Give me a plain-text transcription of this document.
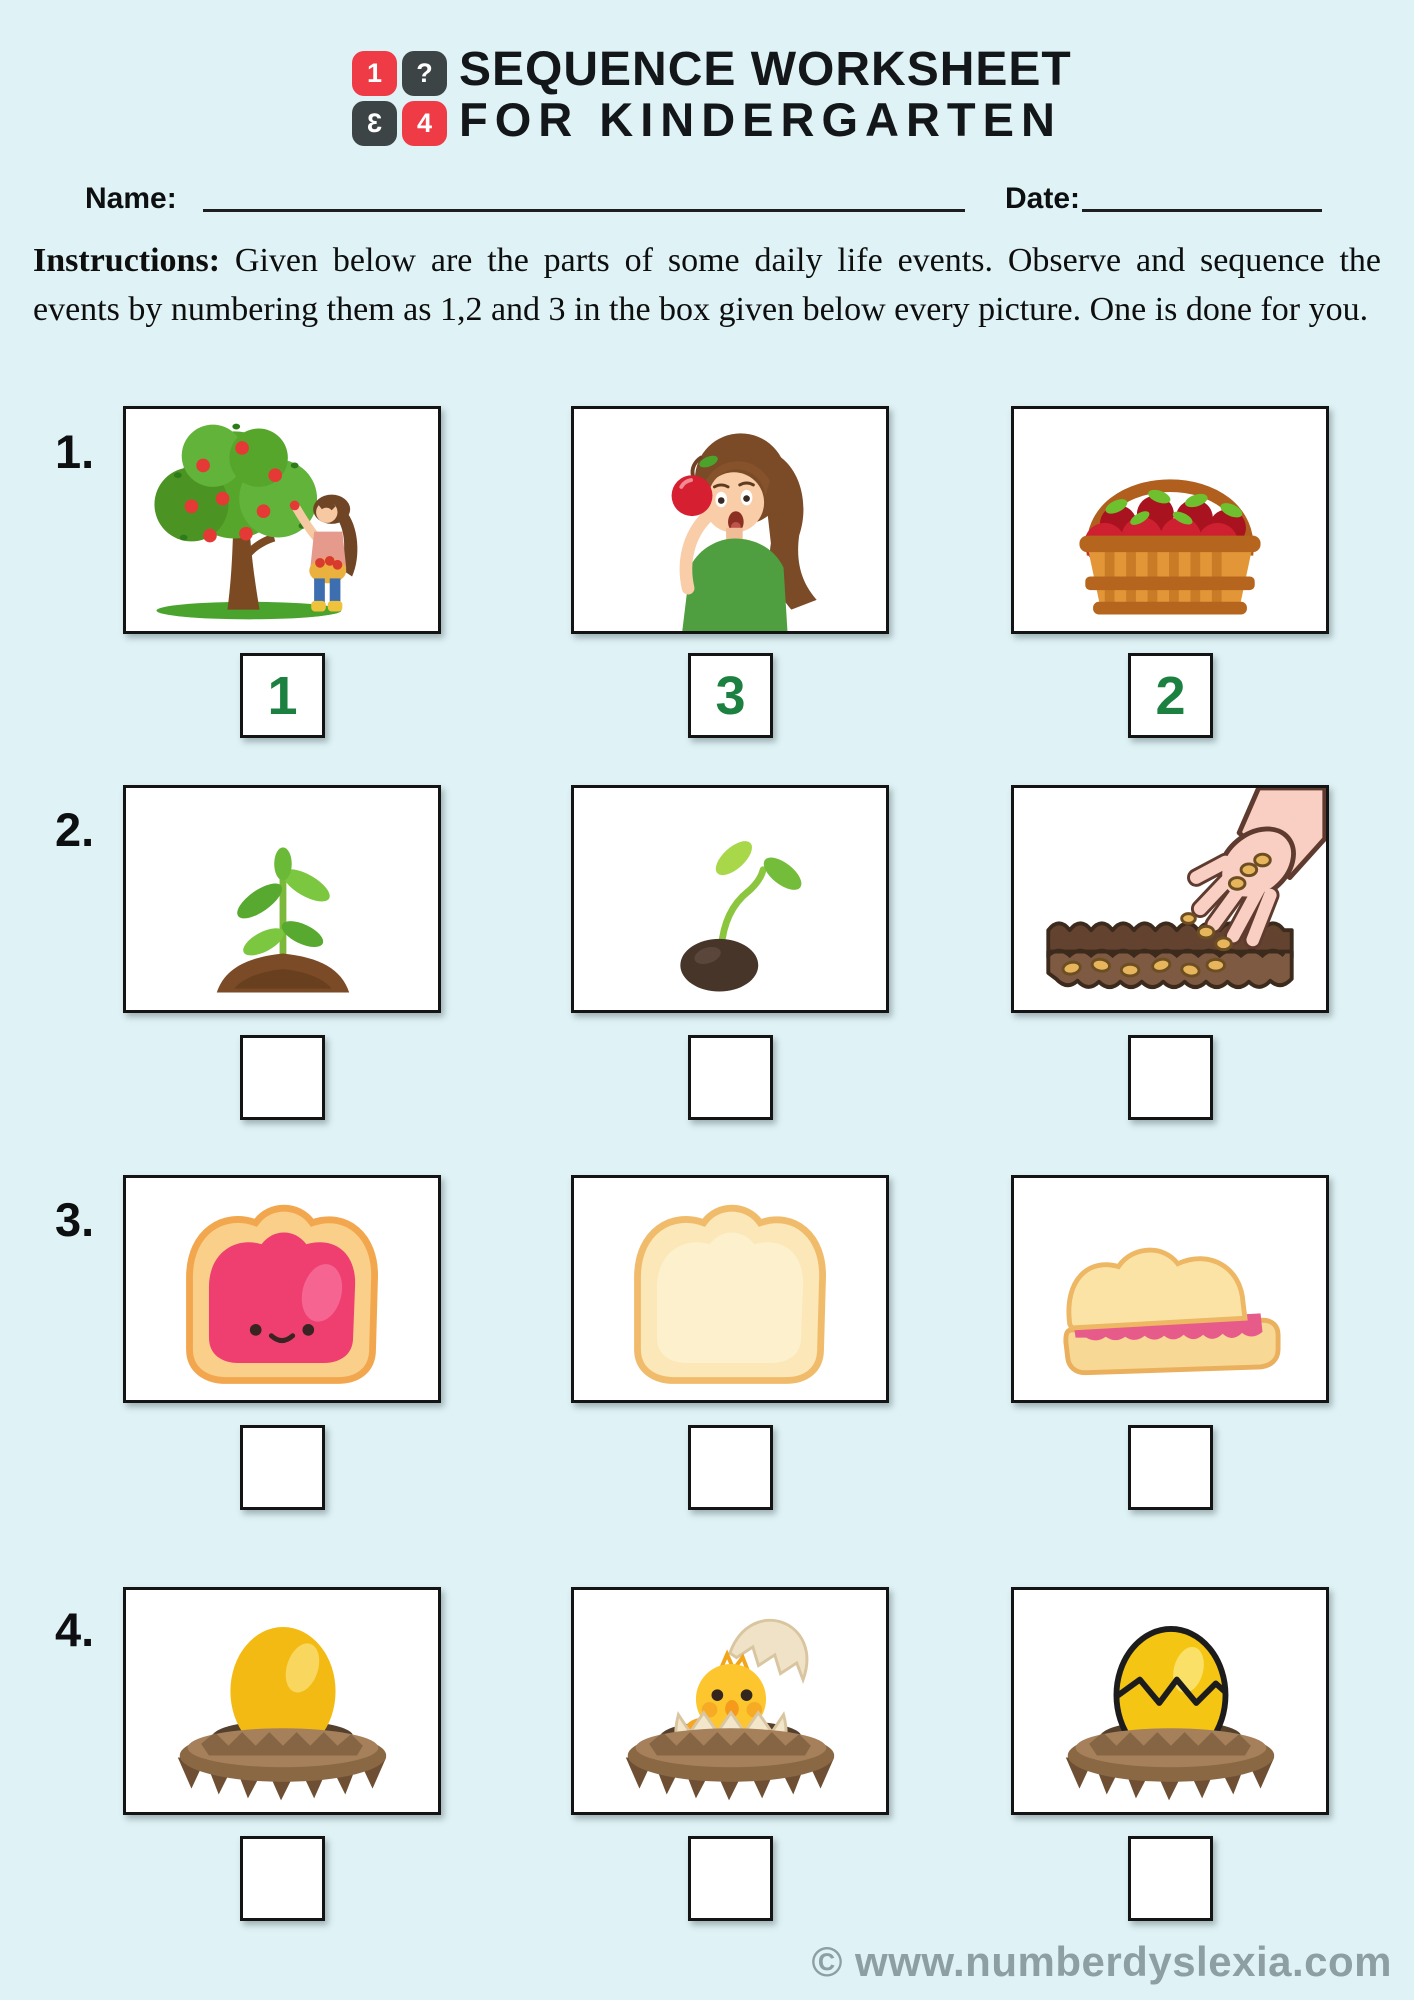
1 ?
3 4
SEQUENCE WORKSHEET
FOR KINDERGARTEN
Name:	Date:

Instructions: Given below are the parts of some daily life events. Observe and sequence the events by numbering them as 1,2 and 3 in the box given below every picture. One is done for you.

1.
1	3	2
2.
3.
4.
© www.numberdyslexia.com
